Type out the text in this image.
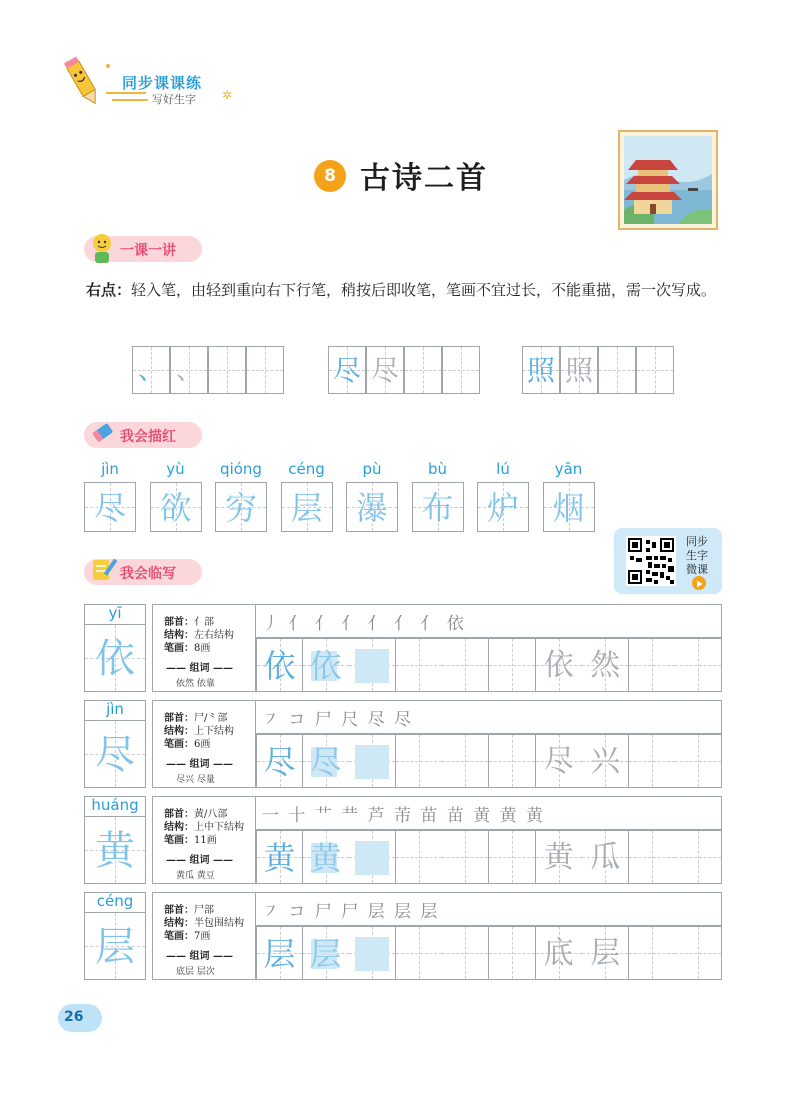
同步课课练
写好生字 ✲
8 古诗二首
一课一讲
右点：轻入笔，由轻到重向右下行笔，稍按后即收笔，笔画不宜过长，不能重描，需一次写成。
、 、	尽 尽	照 照
我会描红
jìn
尽
yù
欲
qióng
穷
céng
层
pù
瀑
bù
布
lú
炉
yān
烟
我会临写
同步
生字
微课
yī
依
部首：亻部
结构：左右结构
笔画：8画
—— 组词 ——
依然 依靠
丿 亻 亻 亻 亻 亻 亻 依
依 依	依 然
jìn
尽
部首：尸/⺀部
结构：上下结构
笔画：6画
—— 组词 ——
尽兴 尽量
㇇ コ 尸 尺 尽 尽
尽 尽	尽 兴
huáng
黄
部首：黄/八部
结构：上中下结构
笔画：11画
—— 组词 ——
黄瓜 黄豆
一 十 艹 龷 芦 芾 苗 苗 黄 黄 黄
黄 黄	黄 瓜
céng
层
部首：尸部
结构：半包围结构
笔画：7画
—— 组词 ——
底层 层次
㇇ コ 尸 尸 层 层 层
层 层	底 层
26
